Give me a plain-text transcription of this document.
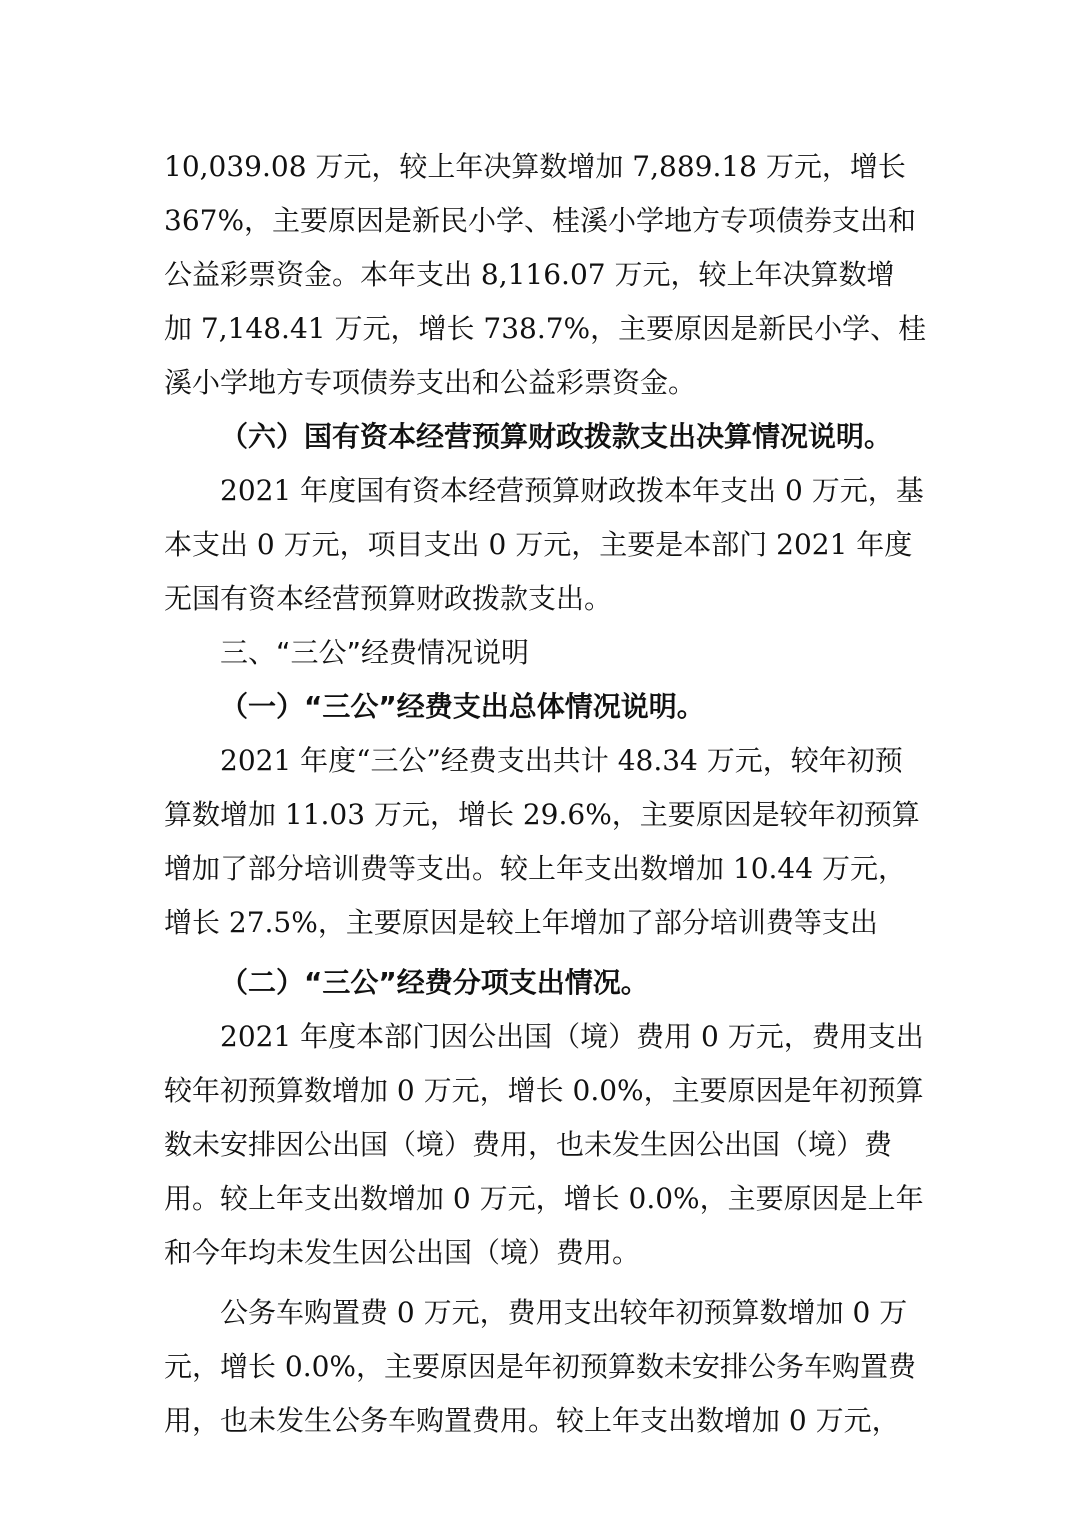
10,039.08 万元，较上年决算数增加 7,889.18 万元，增长
367%，主要原因是新民小学、桂溪小学地方专项债券支出和
公益彩票资金。本年支出 8,116.07 万元，较上年决算数增
加 7,148.41 万元，增长 738.7%，主要原因是新民小学、桂
溪小学地方专项债券支出和公益彩票资金。
（六）国有资本经营预算财政拨款支出决算情况说明。
2021 年度国有资本经营预算财政拨本年支出 0 万元，基
本支出 0 万元，项目支出 0 万元，主要是本部门 2021 年度
无国有资本经营预算财政拨款支出。
三、“三公”经费情况说明
（一）“三公”经费支出总体情况说明。
2021 年度“三公”经费支出共计 48.34 万元，较年初预
算数增加 11.03 万元，增长 29.6%，主要原因是较年初预算
增加了部分培训费等支出。较上年支出数增加 10.44 万元，
增长 27.5%，主要原因是较上年增加了部分培训费等支出
（二）“三公”经费分项支出情况。
2021 年度本部门因公出国（境）费用 0 万元，费用支出
较年初预算数增加 0 万元，增长 0.0%，主要原因是年初预算
数未安排因公出国（境）费用，也未发生因公出国（境）费
用。较上年支出数增加 0 万元，增长 0.0%，主要原因是上年
和今年均未发生因公出国（境）费用。
公务车购置费 0 万元，费用支出较年初预算数增加 0 万
元，增长 0.0%，主要原因是年初预算数未安排公务车购置费
用，也未发生公务车购置费用。较上年支出数增加 0 万元，
